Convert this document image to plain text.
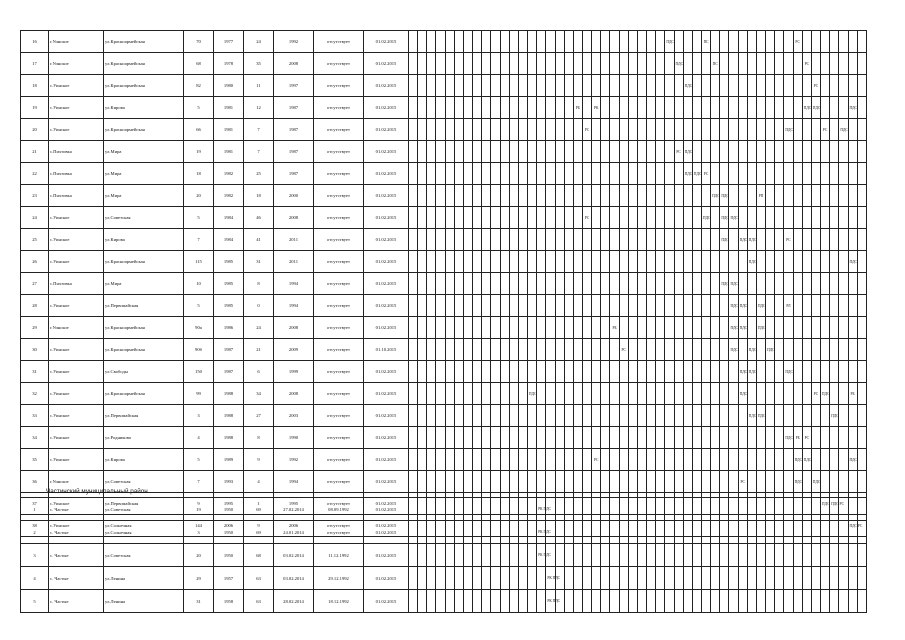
16	г.Уинское	ул.Красноармейская	70	1977	24	1992	отсутствует	01.02.2015																													ПДС				ПС										РС							
17	г.Уинское	ул.Красноармейская	68	1978	35	2008	отсутствует	01.02.2015																														ПДС				ПС										РС						
18	с.Уинское	ул.Красноармейская	82	1980	11	1997	отсутствует	01.02.2015																															ПДС														РС					
19	с.Уинское	ул.Кирова	5	1981	12	1987	отсутствует	01.02.2015																			РБ		РК																							ПДС	ПДС				ПДС	
20	с.Уинское	ул.Красноармейская	66	1981	7	1987	отсутствует	01.02.2015																				РС																						ПДС				РС		ПДС		
21	с.Пихтовка	ул.Мира	19	1981	7	1987	отсутствует	01.02.2015																														РС	ПДС																			
22	с.Пихтовка	ул.Мира	18	1982	25	1987	отсутствует	01.02.2015																															ПДС	ПДС	РС																	
23	с.Пихтовка	ул.Мира	20	1982	18	2000	отсутствует	01.02.2015																																		ПДС	ПДС				РП											
24	с.Уинское	ул.Советская	5	1984	46	2008	отсутствует	01.02.2015																				РС													ПДС		ПДС	ПДС														
25	с.Уинское	ул.Кирова	7	1984	41	2011	отсутствует	01.02.2015																																			ПДС		ПДС	ПДС				РС								
26	с.Уинское	ул.Красноармейская	115	1985	31	2011	отсутствует	01.02.2015																																						ПДС											ПДС	
27	с.Пихтовка	ул.Мира	10	1985	8	1994	отсутствует	01.02.2015																																			ПДС	ПДС														
28	с.Уинское	ул.Первомайская	5	1985	0	1994	отсутствует	01.02.2015																																				ПДС	ПДС		ПДС			РЛ								
29	г.Уинское	ул.Красноармейская	90а	1986	24	2008	отсутствует	01.02.2015																							РБ													ПДС	ПДС		ПДС											
30	с.Уинское	ул.Красноармейская	90б	1987	21	2009	отсутствует	01.10.2015																								РС												ПДС		ПДС		ПДС										
31	с.Уинское	ул.Свободы	150	1987	6	1999	отсутствует	01.02.2015																																					ПДС	ПДС				ПДС								
32	с.Уинское	ул.Красноармейская	99	1988	34	2008	отсутствует	01.02.2015														ПДС																							ПДС								РС	ПДС			РБ	
33	с.Уинское	ул.Первомайская	3	1988	27	2003	отсутствует	01.02.2015																																						ПДС	ПДС								ПДС			
34	с.Уинское	ул.Родникова	4	1988	8	1990	отсутствует	01.02.2015																																										ПДС	РБ	РС						
35	с.Уинское	ул.Кирова	5	1989	9	1992	отсутствует	01.02.2015																					РС																						ПДС	ПДС					ПДС	
36	г.Уинское	ул.Советская	7	1993	4	1994	отсутствует	01.02.2015																																					РС						ПДС		ПДС					
37	с.Уинское	ул.Первомайская	9	1995	1	1995	отсутствует	01.02.2015																																														ПДС	ПДС РС			
38	с.Уинское	ул.Солнечная	144	2006	9	2006	отсутствует	01.02.2015																																																	ПДС РС	
Частинский муниципальный район
1	с. Частые	ул.Советская	19	1950	69	27.02.2014	08.09.1992	01.02.2015															РК ПДС																																			
2	с. Частые	ул.Солнечная	3	1950	69	24.01.2014	отсутствует	01.02.2015															РК ПДС																																			
3	с. Частые	ул.Советская	20	1950	68	03.02.2014	11.12.1992	01.02.2015															РК ПДС																																			
4	с. Частые	ул.Ленина	29	1957	63	03.02.2014	29.12.1992	01.02.2015																РК ПДС																																		
5	с. Частые	ул.Ленина	31	1958	63	28.02.2014	18.12.1992	01.02.2015																РК ПДС																																		
